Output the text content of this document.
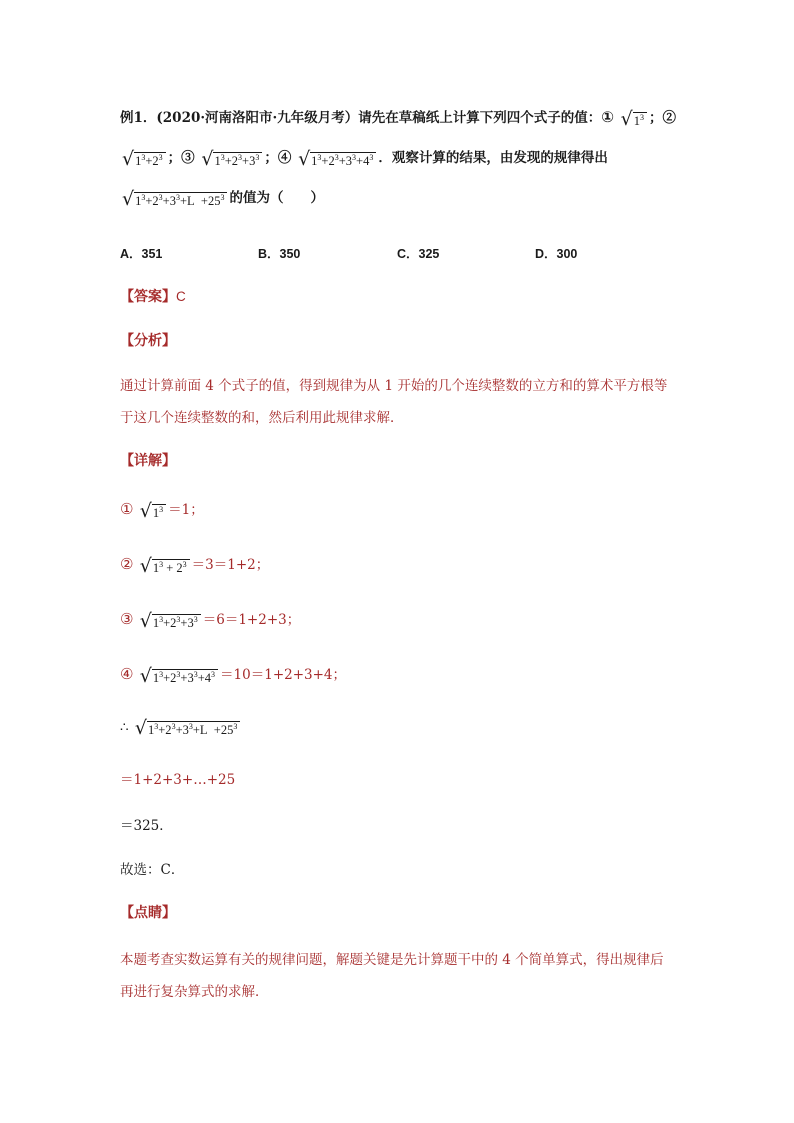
例1．(2020·河南洛阳市·九年级月考）请先在草稿纸上计算下列四个式子的值：① √ $1^3$ ；②
√ $1^3+2^3$ ；③ √ $1^3+2^3+3^3$ ；④ √ $1^3+2^3+3^3+4^3$ ．观察计算的结果，由发现的规律得出
√ $1^3+2^3+3^3+L +25^3$ 的值为（　　）
A．351	B．350	C．325	D．300
【答案】C
【分析】
通过计算前面 4 个式子的值，得到规律为从 1 开始的几个连续整数的立方和的算术平方根等
于这几个连续整数的和，然后利用此规律求解．
【详解】
① √ $1^3 =1$；
② √ $1^3 + 2^3 =3=1+2$；
③ √ $1^3+2^3+3^3 =6=1+2+3$；
④ √ $1^3+2^3+3^3+4^3 =10=1+2+3+4$；
∴ √ $1^3+2^3+3^3+L +25^3$
＝1+2+3+…+25
＝325．
故选：C．
【点睛】
本题考查实数运算有关的规律问题，解题关键是先计算题干中的 4 个简单算式，得出规律后
再进行复杂算式的求解．
